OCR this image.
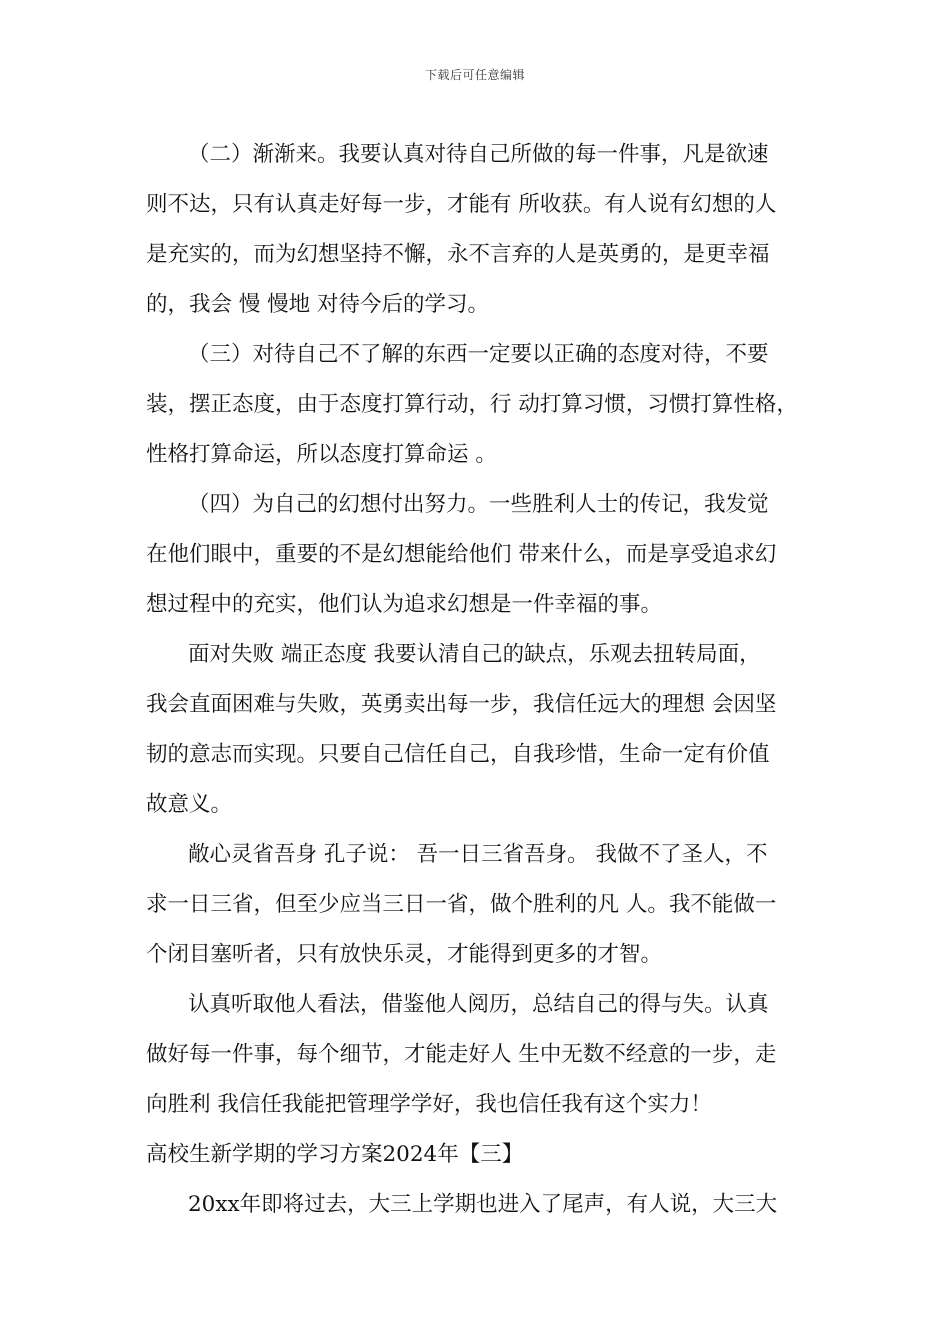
下载后可任意编辑
（二）渐渐来。我要认真对待自己所做的每一件事，凡是欲速
则不达，只有认真走好每一步，才能有 所收获。有人说有幻想的人
是充实的，而为幻想坚持不懈，永不言弃的人是英勇的，是更幸福
的，我会 慢 慢地 对待今后的学习。
（三）对待自己不了解的东西一定要以正确的态度对待，不要
装，摆正态度，由于态度打算行动，行 动打算习惯，习惯打算性格，
性格打算命运，所以态度打算命运 。
（四）为自己的幻想付出努力。一些胜利人士的传记，我发觉
在他们眼中，重要的不是幻想能给他们 带来什么，而是享受追求幻
想过程中的充实，他们认为追求幻想是一件幸福的事。
面对失败 端正态度 我要认清自己的缺点，乐观去扭转局面，
我会直面困难与失败，英勇卖出每一步，我信任远大的理想 会因坚
韧的意志而实现。只要自己信任自己，自我珍惜，生命一定有价值
故意义。
敞心灵省吾身 孔子说： 吾一日三省吾身。 我做不了圣人，不
求一日三省，但至少应当三日一省，做个胜利的凡 人。我不能做一
个闭目塞听者，只有放快乐灵，才能得到更多的才智。
认真听取他人看法，借鉴他人阅历，总结自己的得与失。认真
做好每一件事，每个细节，才能走好人 生中无数不经意的一步，走
向胜利 我信任我能把管理学学好，我也信任我有这个实力！
高校生新学期的学习方案2024年【三】
20xx年即将过去，大三上学期也进入了尾声，有人说，大三大
